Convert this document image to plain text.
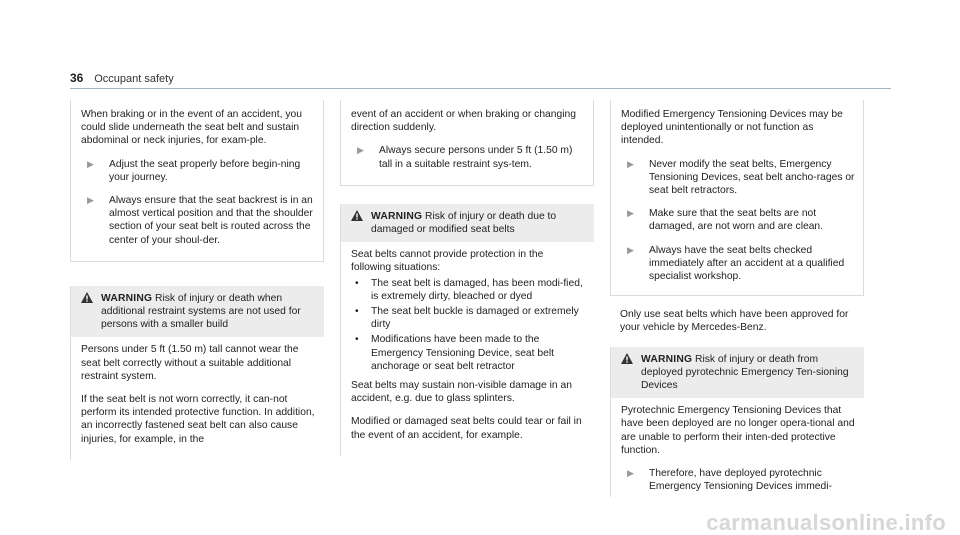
36 Occupant safety

When braking or in the event of an accident, you could slide underneath the seat belt and sustain abdominal or neck injuries, for exam-ple.

▶	Adjust the seat properly before begin-ning your journey.
▶	Always ensure that the seat backrest is in an almost vertical position and that the shoulder section of your seat belt is routed across the center of your shoul-der.
WARNING Risk of injury or death when additional restraint systems are not used for persons with a smaller build

Persons under 5 ft (1.50 m) tall cannot wear the seat belt correctly without a suitable additional restraint system.

If the seat belt is not worn correctly, it can-not perform its intended protective function. In addition, an incorrectly fastened seat belt can also cause injuries, for example, in the

event of an accident or when braking or changing direction suddenly.

▶	Always secure persons under 5 ft (1.50 m) tall in a suitable restraint sys-tem.
WARNING Risk of injury or death due to damaged or modified seat belts

Seat belts cannot provide protection in the following situations:

•	The seat belt is damaged, has been modi-fied, is extremely dirty, bleached or dyed
•	The seat belt buckle is damaged or extremely dirty
•	Modifications have been made to the Emergency Tensioning Device, seat belt anchorage or seat belt retractor

Seat belts may sustain non-visible damage in an accident, e.g. due to glass splinters.

Modified or damaged seat belts could tear or fail in the event of an accident, for example.

Modified Emergency Tensioning Devices may be deployed unintentionally or not function as intended.

▶	Never modify the seat belts, Emergency Tensioning Devices, seat belt ancho-rages or seat belt retractors.
▶	Make sure that the seat belts are not damaged, are not worn and are clean.
▶	Always have the seat belts checked immediately after an accident at a qualified specialist workshop.

Only use seat belts which have been approved for your vehicle by Mercedes-Benz.

WARNING Risk of injury or death from deployed pyrotechnic Emergency Ten-sioning Devices

Pyrotechnic Emergency Tensioning Devices that have been deployed are no longer opera-tional and are unable to perform their inten-ded protective function.

▶	Therefore, have deployed pyrotechnic Emergency Tensioning Devices immedi-
carmanualsonline.info
